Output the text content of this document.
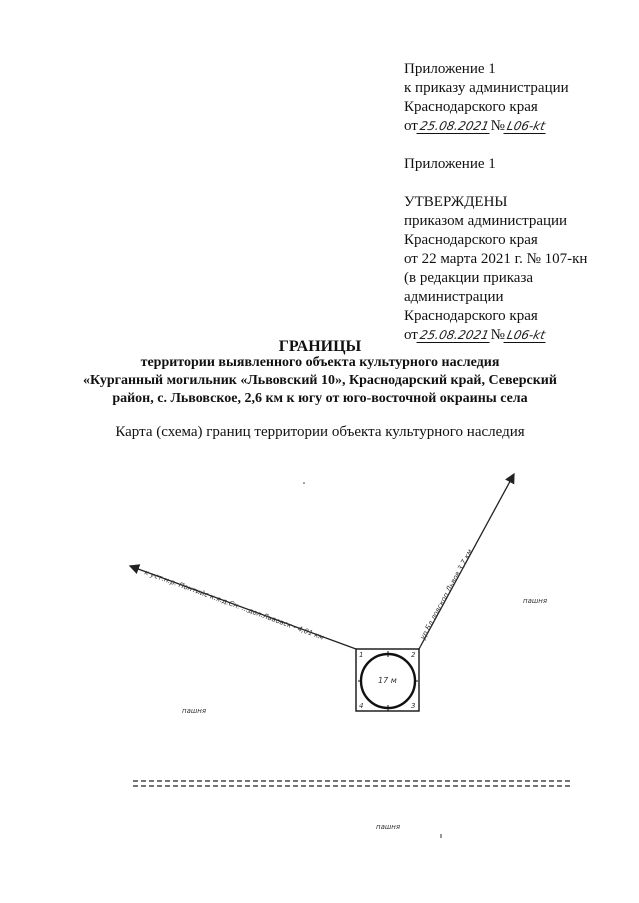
Приложение 1
к приказу администрации
Краснодарского края
от25.08.2021№L06-kt
Приложение 1
УТВЕРЖДЕНЫ
приказом администрации
Краснодарского края
от 22 марта 2021 г. № 107-кн
(в редакции приказа
администрации
Краснодарского края
от25.08.2021№L06-kt
ГРАНИЦЫ
территории выявленного объекта культурного наследия
«Курганный могильник «Львовский 10», Краснодарский край, Северский
район, с. Львовское, 2,6 км к югу от юго-восточной окраины села
Карта (схема) границ территории объекта культурного наследия
к уст.н.р. Понтийс к.я.д.Сн. ...дол.Львовск - 4,01 км	ур.Бл.ловскоп.Львов 3,7 км
17 м
1	2
3
4
пашня
пашня
пашня
